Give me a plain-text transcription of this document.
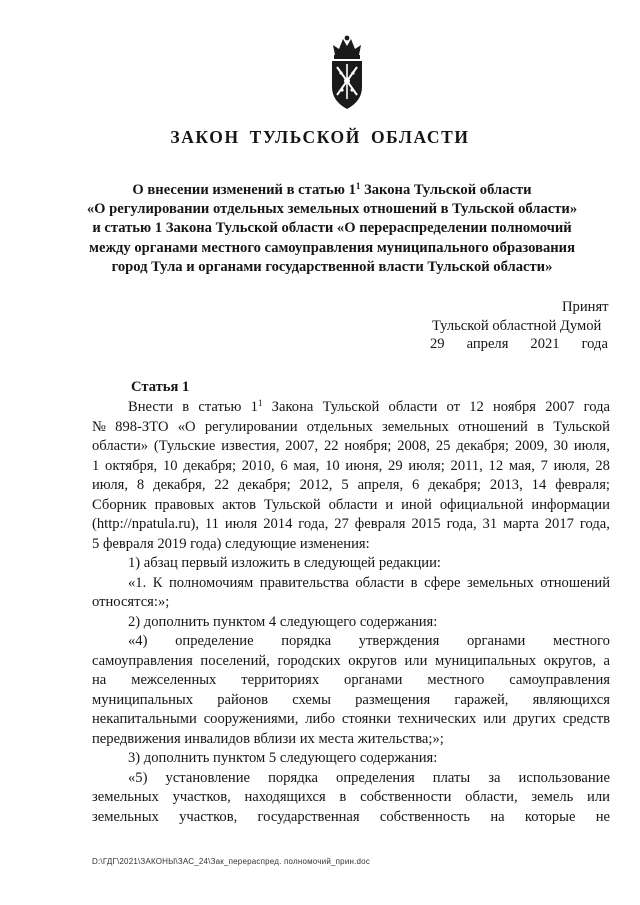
ЗАКОН ТУЛЬСКОЙ ОБЛАСТИ
О внесении изменений в статью $1^1$ Закона Тульской области
«О регулировании отдельных земельных отношений в Тульской области»
и статью 1 Закона Тульской области «О перераспределении полномочий
между органами местного самоуправления муниципального образования
город Тула и органами государственной власти Тульской области»
Принят
Тульской областной Думой
29 апреля 2021 года
Статья 1
Внести в статью $1^1$ Закона Тульской области от 12 ноября 2007 года
№ 898-ЗТО «О регулировании отдельных земельных отношений в Тульской
области» (Тульские известия, 2007, 22 ноября; 2008, 25 декабря; 2009, 30 июля,
1 октября, 10 декабря; 2010, 6 мая, 10 июня, 29 июля; 2011, 12 мая, 7 июля, 28
июля, 8 декабря, 22 декабря; 2012, 5 апреля, 6 декабря; 2013, 14 февраля;
Сборник правовых актов Тульской области и иной официальной информации
(http://npatula.ru), 11 июля 2014 года, 27 февраля 2015 года, 31 марта 2017 года,
5 февраля 2019 года) следующие изменения:
1) абзац первый изложить в следующей редакции:
«1. К полномочиям правительства области в сфере земельных отношений
относятся:»;
2) дополнить пунктом 4 следующего содержания:
«4) определение порядка утверждения органами местного
самоуправления поселений, городских округов или муниципальных округов, а
на межселенных территориях органами местного самоуправления
муниципальных районов схемы размещения гаражей, являющихся
некапитальными сооружениями, либо стоянки технических или других средств
передвижения инвалидов вблизи их места жительства;»;
3) дополнить пунктом 5 следующего содержания:
«5) установление порядка определения платы за использование
земельных участков, находящихся в собственности области, земель или
земельных участков, государственная собственность на которые не
D:\ГДГ\2021\ЗАКОНЫ\ЗАС_24\Зак_перераспред. полномочий_прин.doc
